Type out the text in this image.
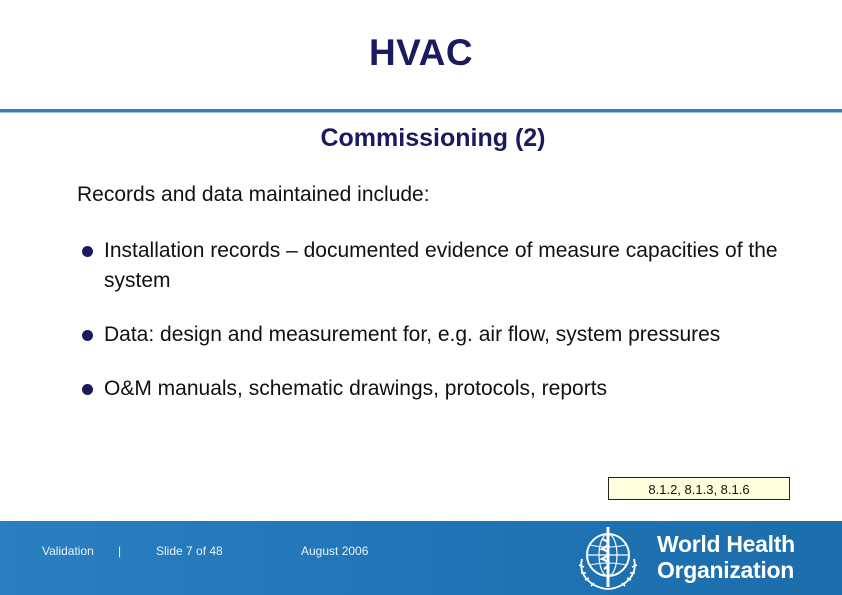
HVAC
Commissioning (2)
Records and data maintained include:
Installation records – documented evidence of measure capacities of the system
Data: design and measurement for, e.g. air flow, system pressures
O&M manuals, schematic drawings, protocols, reports
8.1.2, 8.1.3, 8.1.6
Validation |	Slide 7 of 48	August 2006	World Health
Organization
